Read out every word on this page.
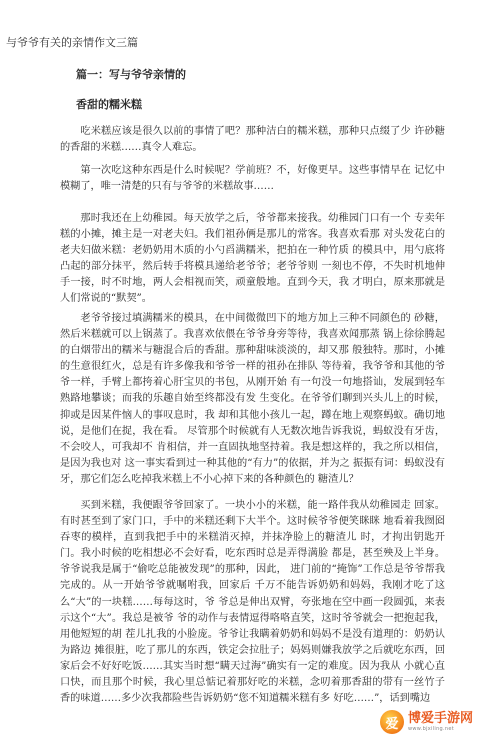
与爷爷有关的亲情作文三篇
篇一：写与爷爷亲情的
香甜的糯米糕
吃米糕应该是很久以前的事情了吧？那种洁白的糯米糕，那种只点缀了少 许砂糖的香甜的米糕……真令人难忘。
第一次吃这种东西是什么时候呢？学前班？不，好像更早。这些事情早在 记忆中模糊了，唯一清楚的只有与爷爷的米糕故事……
那时我还在上幼稚园。每天放学之后，爷爷都来接我。幼稚园门口有一个 专卖年糕的小摊，摊主是一对老夫妇。我们祖孙俩是那儿的常客。我喜欢看那 对头发花白的老夫妇做米糕：老奶奶用木质的小勺舀满糯米，把拍在一种竹质 的模具中，用勺底将凸起的部分抹平，然后转手将模具递给老爷爷；老爷爷则 一刻也不停，不失时机地伸手一接，时不时地，两人会相视而笑，顽童般地。直到今天，我 才明白，原来那就是人们常说的“默契”。
老爷爷接过填满糯米的模具，在中间微微凹下的地方加上三种不同颜色的 砂糖，然后米糕就可以上锅蒸了。我喜欢依偎在爷爷身旁等待，我喜欢闻那蒸 锅上徐徐腾起的白烟带出的糯米与糖混合后的香甜。那种甜味淡淡的，却又那 般独特。那时，小摊的生意很红火，总是有许多像我和爷爷一样的祖孙在排队 等待着，我爷爷和其他的爷爷一样，手臂上都挎着心肝宝贝的书包，从刚开始 有一句没一句地搭讪，发展到轻车熟路地攀谈；而我的乐趣自始至终都没有发 生变化。在爷爷们聊到兴头儿上的时候，抑或是因某件恼人的事叹息时，我 却和其他小孩儿一起，蹲在地上观察蚂蚁。确切地说，是他们在捉，我在看。 尽管那个时候就有人无数次地告诉我说，蚂蚁没有牙齿，不会咬人，可我却不 肯相信，并一直固执地坚持着。我是想这样的，我之所以相信，是因为我也对 这一事实看到过一种其他的“有力”的依据，并为之 振振有词：蚂蚁没有牙，那它们怎么吃掉我米糕上不小心掉下来的各种颜色的 糖渣儿？
买到米糕，我便跟爷爷回家了。一块小小的米糕，能一路伴我从幼稚园走 回家。有时甚至到了家门口，手中的米糕还剩下大半个。这时候爷爷便笑眯眯 地看着我囫囵吞枣的模样，直到我把手中的米糕消灭掉，并抹净脸上的糖渣儿 时，才拘出钥匙开门。我小时候的吃相想必不会好看，吃东西时总是弄得满脸 都是，甚至殃及上半身。爷爷说我是属于“偷吃总能被发现”的那种，因此， 进门前的“掩饰”工作总是爷爷帮我完成的。从一开始爷爷就嘱咐我，回家后 千万不能告诉奶奶和妈妈，我刚才吃了这么“大”的一块糕……每每这时，爷 爷总是伸出双臂，夸张地在空中画一段圆弧，来表示这个“大”。我总是被爷 爷的动作与表情逗得咯咯直笑，这时爷爷就会一把抱起我，用他短短的胡 茬儿扎我的小脸庞。爷爷让我瞒着奶奶和妈妈不是没有道理的：奶奶认为路边 摊很脏，吃了那儿的东西，铁定会拉肚子；妈妈则嫌我放学之后就吃东西，回 家后会不好好吃饭……其实当时想“瞒天过海”确实有一定的难度。因为我从 小就心直口快，而且那个时候，我心里总惦记着那好吃的米糕，念叨着那香甜的带有一丝竹子香的味道……多少次我都险些告诉奶奶“您不知道糯米糕有多 好吃……”，话到嘴边
爱 博爱手游网
www.bjxiling.net
